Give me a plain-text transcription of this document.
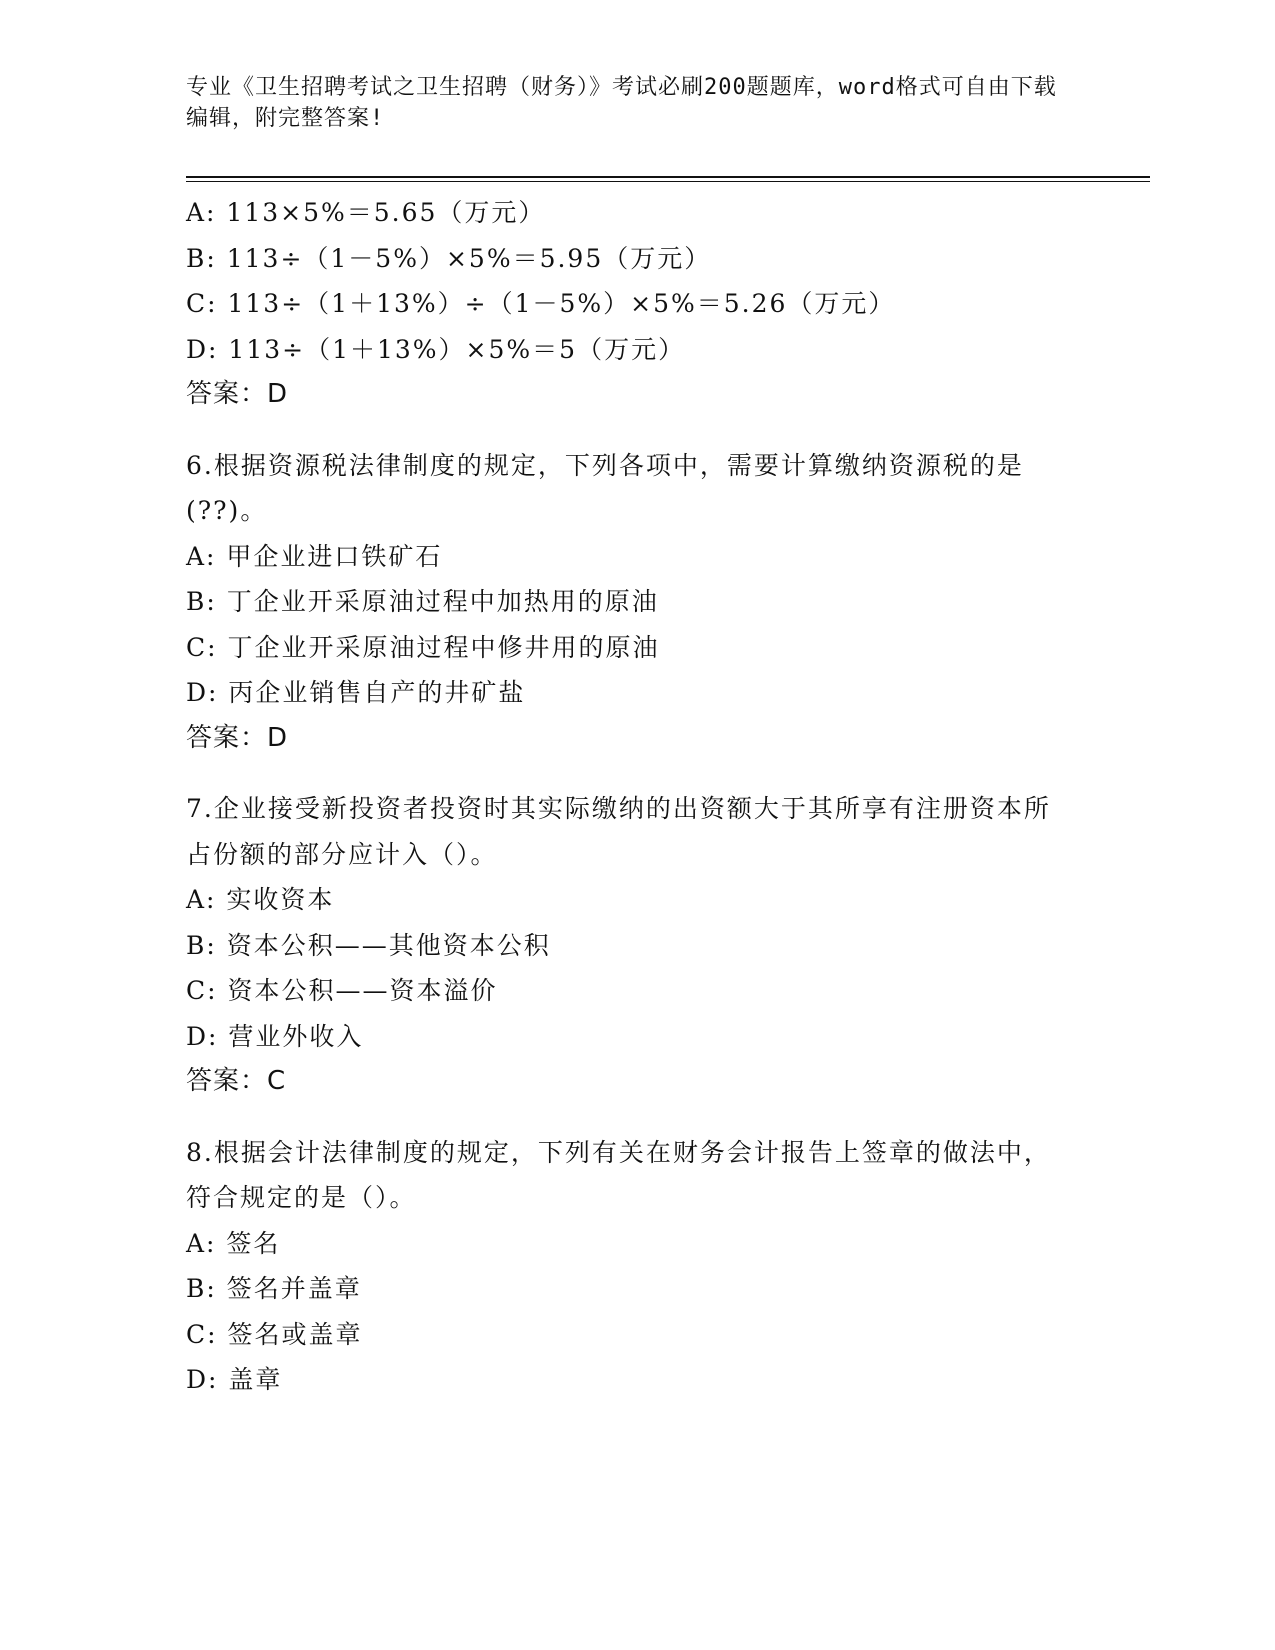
专业《卫生招聘考试之卫生招聘（财务）》考试必刷200题题库，word格式可自由下载编辑，附完整答案!
A: 113×5%＝5.65（万元）
B: 113÷（1－5%）×5%＝5.95（万元）
C: 113÷（1＋13%）÷（1－5%）×5%＝5.26（万元）
D: 113÷（1＋13%）×5%＝5（万元）
答案：D
6.根据资源税法律制度的规定，下列各项中，需要计算缴纳资源税的是(??)。
A: 甲企业进口铁矿石
B: 丁企业开采原油过程中加热用的原油
C: 丁企业开采原油过程中修井用的原油
D: 丙企业销售自产的井矿盐
答案：D
7.企业接受新投资者投资时其实际缴纳的出资额大于其所享有注册资本所占份额的部分应计入（）。
A: 实收资本
B: 资本公积——其他资本公积
C: 资本公积——资本溢价
D: 营业外收入
答案：C
8.根据会计法律制度的规定，下列有关在财务会计报告上签章的做法中，符合规定的是（）。
A: 签名
B: 签名并盖章
C: 签名或盖章
D: 盖章
